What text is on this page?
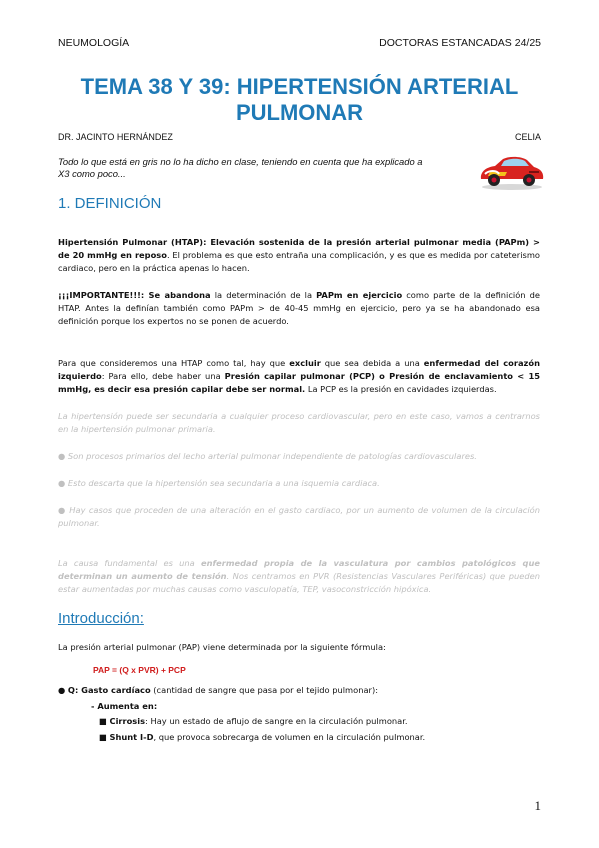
NEUMOLOGÍA	DOCTORAS ESTANCADAS 24/25
TEMA 38 Y 39: HIPERTENSIÓN ARTERIAL
PULMONAR
DR. JACINTO HERNÁNDEZ	CELIA
Todo lo que está en gris no lo ha dicho en clase, teniendo en cuenta que ha explicado a
X3 como poco...
1. DEFINICIÓN
Hipertensión Pulmonar (HTAP): Elevación sostenida de la presión arterial pulmonar media (PAPm) > de 20 mmHg en reposo. El problema es que esto entraña una complicación, y es que es medida por cateterismo cardiaco, pero en la práctica apenas lo hacen.
¡¡¡IMPORTANTE!!!: Se abandona la determinación de la PAPm en ejercicio como parte de la definición de HTAP. Antes la definían también como PAPm > de 40-45 mmHg en ejercicio, pero ya se ha abandonado esa definición porque los expertos no se ponen de acuerdo.
Para que consideremos una HTAP como tal, hay que excluir que sea debida a una enfermedad del corazón izquierdo: Para ello, debe haber una Presión capilar pulmonar (PCP) o Presión de enclavamiento < 15 mmHg, es decir esa presión capilar debe ser normal. La PCP es la presión en cavidades izquierdas.
La hipertensión puede ser secundaria a cualquier proceso cardiovascular, pero en este caso, vamos a centrarnos en la hipertensión pulmonar primaria.
● Son procesos primarios del lecho arterial pulmonar independiente de patologías cardiovasculares.
● Esto descarta que la hipertensión sea secundaria a una isquemia cardiaca.
● Hay casos que proceden de una alteración en el gasto cardiaco, por un aumento de volumen de la circulación pulmonar.
La causa fundamental es una enfermedad propia de la vasculatura por cambios patológicos que determinan un aumento de tensión. Nos centramos en PVR (Resistencias Vasculares Periféricas) que pueden estar aumentadas por muchas causas como vasculopatía, TEP, vasoconstricción hipóxica.
Introducción:
La presión arterial pulmonar (PAP) viene determinada por la siguiente fórmula:
PAP = (Q x PVR) + PCP
● Q: Gasto cardíaco (cantidad de sangre que pasa por el tejido pulmonar):
- Aumenta en:
■ Cirrosis: Hay un estado de aflujo de sangre en la circulación pulmonar.
■ Shunt I-D, que provoca sobrecarga de volumen en la circulación pulmonar.
1
